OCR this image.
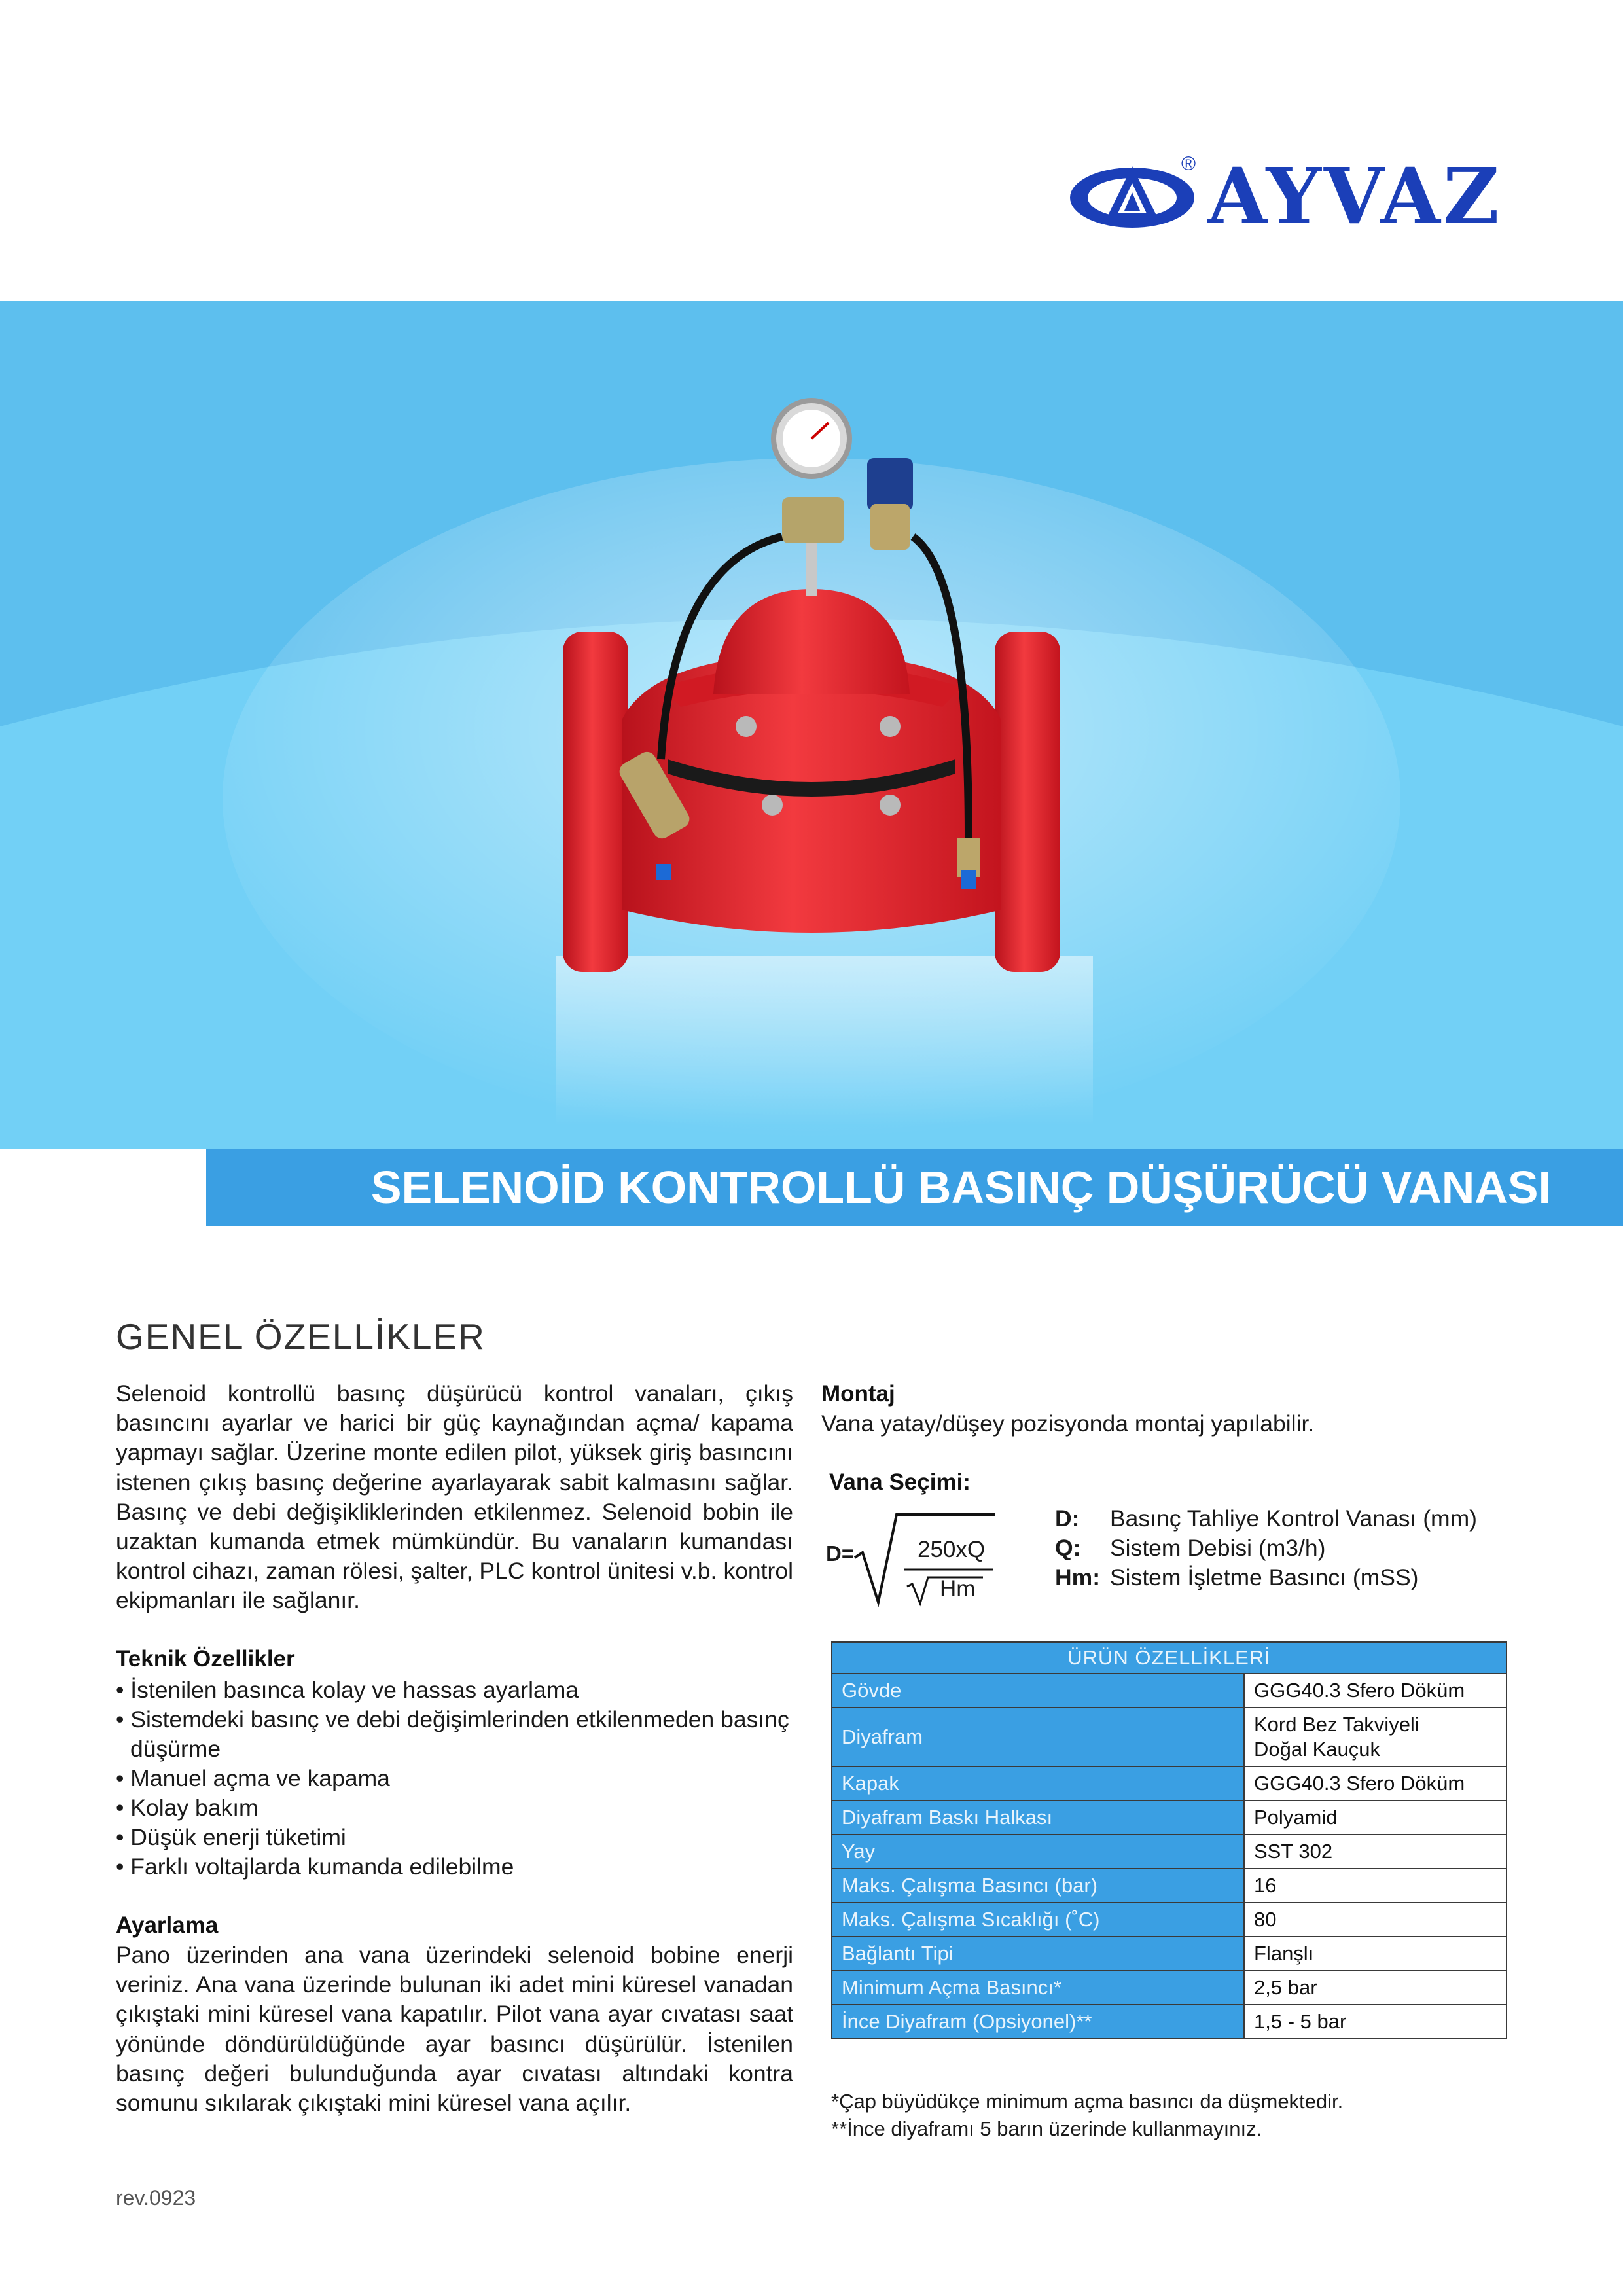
® AYVAZ
SELENOİD KONTROLLÜ BASINÇ DÜŞÜRÜCÜ VANASI
GENEL ÖZELLİKLER
Selenoid kontrollü basınç düşürücü kontrol vanaları, çıkış basıncını ayarlar ve harici bir güç kaynağından açma/ kapama yapmayı sağlar. Üzerine monte edilen pilot, yüksek giriş basıncını istenen çıkış basınç değerine ayarlayarak sabit kalmasını sağlar. Basınç ve debi değişikliklerinden etkilenmez. Selenoid bobin ile uzaktan kumanda etmek mümkündür. Bu vanaların kumandası kontrol cihazı, zaman rölesi, şalter, PLC kontrol ünitesi v.b. kontrol ekipmanları ile sağlanır.
Teknik Özellikler
• İstenilen basınca kolay ve hassas ayarlama
• Sistemdeki basınç ve debi değişimlerinden etkilenmeden basınç düşürme
• Manuel açma ve kapama
• Kolay bakım
• Düşük enerji tüketimi
• Farklı voltajlarda kumanda edilebilme
Ayarlama
Pano üzerinden ana vana üzerindeki selenoid bobine enerji veriniz. Ana vana üzerinde bulunan iki adet mini küresel vanadan çıkıştaki mini küresel vana kapatılır. Pilot vana ayar cıvatası saat yönünde döndürüldüğünde ayar basıncı düşürülür. İstenilen basınç değeri bulunduğunda ayar cıvatası altındaki kontra somunu sıkılarak çıkıştaki mini küresel vana açılır.
rev.0923
Montaj
Vana yatay/düşey pozisyonda montaj yapılabilir.
Vana Seçimi:
D=	250xQ
Hm
D: Basınç Tahliye Kontrol Vanası (mm)
Q: Sistem Debisi (m3/h)
Hm: Sistem İşletme Basıncı (mSS)
ÜRÜN ÖZELLİKLERİ	
Gövde	GGG40.3 Sfero Döküm
Diyafram	Kord Bez Takviyeli
Doğal Kauçuk

Kapak	GGG40.3 Sfero Döküm
Diyafram Baskı Halkası	Polyamid
Yay	SST 302
Maks. Çalışma Basıncı (bar)	16
Maks. Çalışma Sıcaklığı (˚C)	80
Bağlantı Tipi	Flanşlı
Minimum Açma Basıncı*	2,5 bar
İnce Diyafram (Opsiyonel)**	1,5 - 5 bar
*Çap büyüdükçe minimum açma basıncı da düşmektedir.
**İnce diyaframı 5 barın üzerinde kullanmayınız.
